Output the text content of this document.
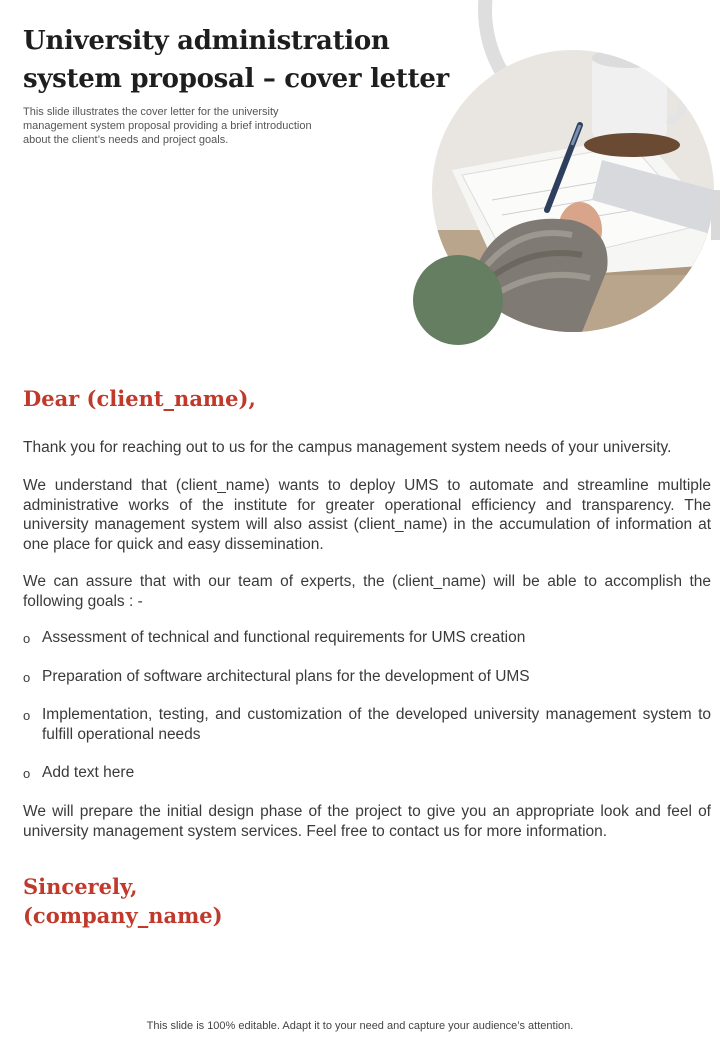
University administration system proposal – cover letter

This slide illustrates the cover letter for the university management system proposal providing a brief introduction about the client’s needs and project goals.

Dear (client_name),

Thank you for reaching out to us for the campus management system needs of your university.

We understand that (client_name) wants to deploy UMS to automate and streamline multiple administrative works of the institute for greater operational efficiency and transparency. The university management system will also assist (client_name) in the accumulation of information at one place for quick and easy dissemination.

We can assure that with our team of experts, the (client_name) will be able to accomplish the following goals : -

o Assessment of technical and functional requirements for UMS creation
o Preparation of software architectural plans for the development of UMS
o Implementation, testing, and customization of the developed university management system to fulfill operational needs
o Add text here

We will prepare the initial design phase of the project to give you an appropriate look and feel of university management system services. Feel free to contact us for more information.

Sincerely,
(company_name)
This slide is 100% editable. Adapt it to your need and capture your audience’s attention.
